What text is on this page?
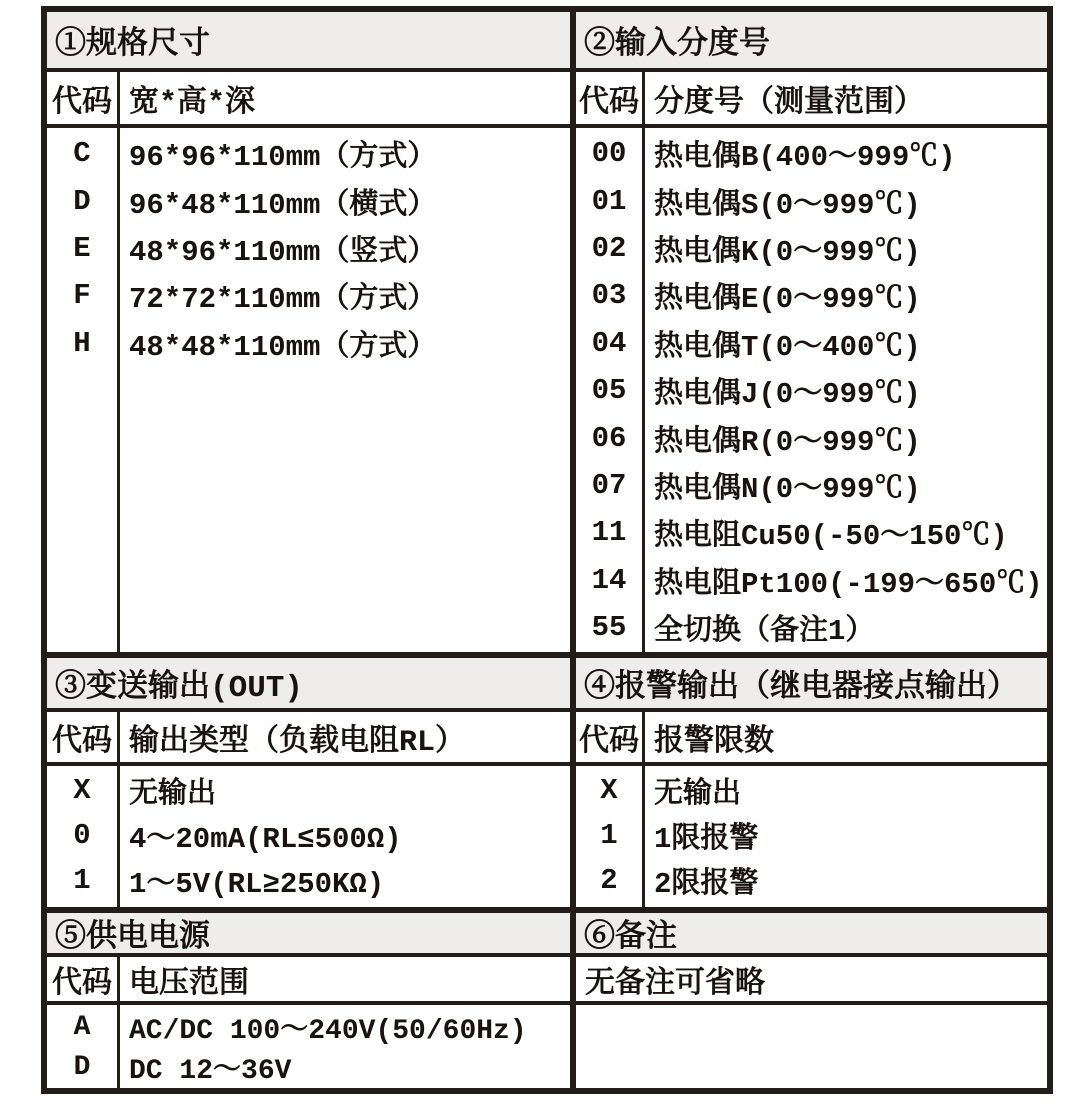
①规格尺寸
代码 宽*高*深
C	96*96*110mm（方式）
D	96*48*110mm（横式）
E	48*96*110mm（竖式）
F	72*72*110mm（方式）
H	48*48*110mm（方式）
②输入分度号
代码 分度号（测量范围）
00 热电偶B(400～999℃)
01 热电偶S(0～999℃)
02 热电偶K(0～999℃)
03 热电偶E(0～999℃)
04 热电偶T(0～400℃)
05 热电偶J(0～999℃)
06 热电偶R(0～999℃)
07 热电偶N(0～999℃)
11 热电阻Cu50(-50～150℃)
14 热电阻Pt100(-199～650℃)
55 全切换（备注1）
③变送输出(OUT)
代码 输出类型（负载电阻RL）
X	无输出
0	4～20mA(RL≤500Ω)
1	1～5V(RL≥250KΩ)
④报警输出（继电器接点输出）
代码 报警限数
X	无输出
1	1限报警
2	2限报警
⑤供电电源
代码 电压范围
A	AC/DC 100～240V(50/60Hz)
D	DC 12～36V
⑥备注
无备注可省略
